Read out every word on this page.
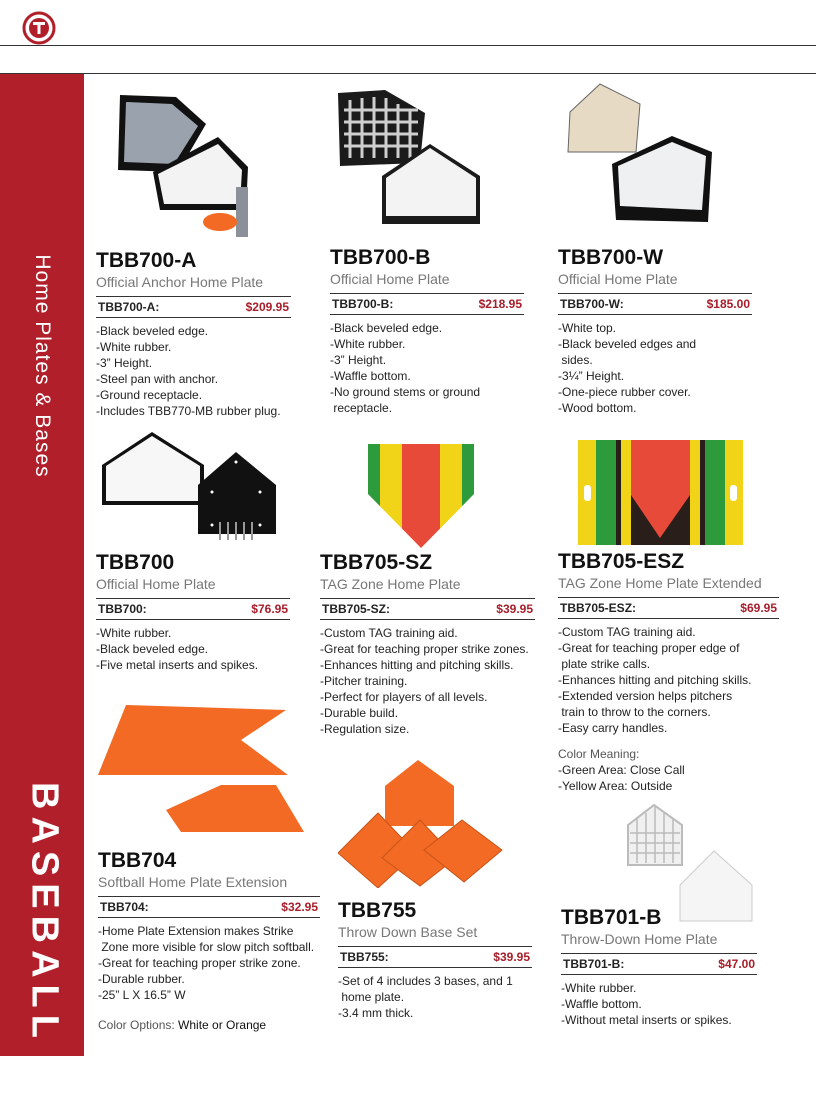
Home Plates & Bases
BASEBALL
60
TBB700-A
Official Anchor Home Plate
TBB700-A:	$209.95
-Black beveled edge.
-White rubber.
-3” Height.
-Steel pan with anchor.
-Ground receptacle.
-Includes TBB770-MB rubber plug.
TBB700-B
Official Home Plate
TBB700-B:	$218.95
-Black beveled edge.
-White rubber.
-3” Height.
-Waffle bottom.
-No ground stems or ground
receptacle.
TBB700-W
Official Home Plate
TBB700-W:	$185.00
-White top.
-Black beveled edges and
sides.
-3¼” Height.
-One-piece rubber cover.
-Wood bottom.
TBB700
Official Home Plate
TBB700:	$76.95
-White rubber.
-Black beveled edge.
-Five metal inserts and spikes.
TBB705-SZ
TAG Zone Home Plate
TBB705-SZ:	$39.95
-Custom TAG training aid.
-Great for teaching proper strike zones.
-Enhances hitting and pitching skills.
-Pitcher training.
-Perfect for players of all levels.
-Durable build.
-Regulation size.
TBB705-ESZ
TAG Zone Home Plate Extended
TBB705-ESZ:	$69.95
-Custom TAG training aid.
-Great for teaching proper edge of
plate strike calls.
-Enhances hitting and pitching skills.
-Extended version helps pitchers
train to throw to the corners.
-Easy carry handles.
Color Meaning:
-Green Area: Close Call
-Yellow Area: Outside
TBB704
Softball Home Plate Extension
TBB704:	$32.95
-Home Plate Extension makes Strike
Zone more visible for slow pitch softball.
-Great for teaching proper strike zone.
-Durable rubber.
-25” L X 16.5” W
Color Options: White or Orange
TBB755
Throw Down Base Set
TBB755:	$39.95
-Set of 4 includes 3 bases, and 1
home plate.
-3.4 mm thick.
TBB701-B
Throw-Down Home Plate
TBB701-B:	$47.00
-White rubber.
-Waffle bottom.
-Without metal inserts or spikes.
